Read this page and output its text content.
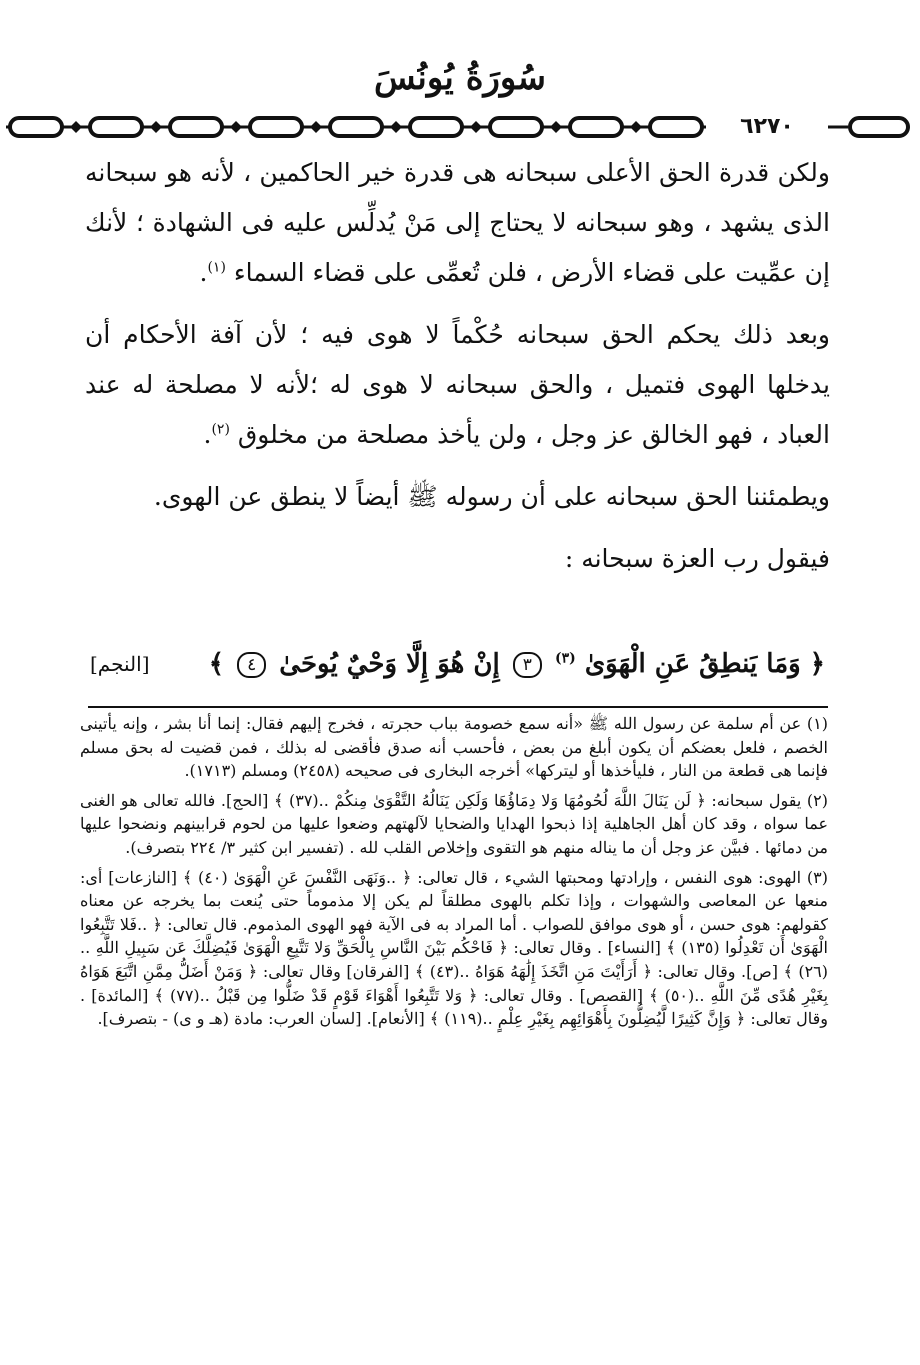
سُورَةُ يُونُسَ
٦٢٧٠

ولكن قدرة الحق الأعلى سبحانه هى قدرة خير الحاكمين ، لأنه هو سبحانه الذى يشهد ، وهو سبحانه لا يحتاج إلى مَنْ يُدلِّس عليه فى الشهادة ؛ لأنك إن عمِّيت على قضاء الأرض ، فلن تُعمِّى على قضاء السماء $^{(١)}$.

وبعد ذلك يحكم الحق سبحانه حُكْماً لا هوى فيه ؛ لأن آفة الأحكام أن يدخلها الهوى فتميل ، والحق سبحانه لا هوى له ؛لأنه لا مصلحة له عند العباد ، فهو الخالق عز وجل ، ولن يأخذ مصلحة من مخلوق $^{(٢)}$.

ويطمئننا الحق سبحانه على أن رسوله ﷺ أيضاً لا ينطق عن الهوى.

فيقول رب العزة سبحانه :

﴿ وَمَا يَنطِقُ عَنِ الْهَوَىٰ $^{(٣)}$ ٣ إِنْ هُوَ إِلَّا وَحْيٌ يُوحَىٰ ٤ ﴾
[النجم]

(١) عن أم سلمة عن رسول الله ﷺ «أنه سمع خصومة بباب حجرته ، فخرج إليهم فقال: إنما أنا بشر ، وإنه يأتينى الخصم ، فلعل بعضكم أن يكون أبلغ من بعض ، فأحسب أنه صدق فأقضى له بذلك ، فمن قضيت له بحق مسلم فإنما هى قطعة من النار ، فليأخذها أو ليتركها» أخرجه البخارى فى صحيحه (٢٤٥٨) ومسلم (١٧١٣).

(٢) يقول سبحانه: ﴿ لَن يَنَالَ اللَّهَ لُحُومُهَا وَلا دِمَاؤُهَا وَلَكِن يَنَالُهُ التَّقْوَىٰ مِنكُمْ ..(٣٧) ﴾ [الحج]. فالله تعالى هو الغنى عما سواه ، وقد كان أهل الجاهلية إذا ذبحوا الهدايا والضحايا لآلهتهم وضعوا عليها من لحوم قرابينهم ونضحوا عليها من دمائها . فبيَّن عز وجل أن ما يناله منهم هو التقوى وإخلاص القلب لله . (تفسير ابن كثير ٣/ ٢٢٤ بتصرف).

(٣) الهوى: هوى النفس ، وإرادتها ومحبتها الشيء ، قال تعالى: ﴿ ..وَنَهَى النَّفْسَ عَنِ الْهَوَىٰ (٤٠) ﴾ [النازعات] أى: منعها عن المعاصى والشهوات ، وإذا تكلم بالهوى مطلقاً لم يكن إلا مذموماً حتى يُنعت بما يخرجه عن معناه كقولهم: هوى حسن ، أو هوى موافق للصواب . أما المراد به فى الآية فهو الهوى المذموم. قال تعالى: ﴿ ..فَلا تَتَّبِعُوا الْهَوَىٰ أَن تَعْدِلُوا (١٣٥) ﴾ [النساء] . وقال تعالى: ﴿ فَاحْكُم بَيْنَ النَّاسِ بِالْحَقِّ وَلا تَتَّبِعِ الْهَوَىٰ فَيُضِلَّكَ عَن سَبِيلِ اللَّهِ ..(٢٦) ﴾ [ص]. وقال تعالى: ﴿ أَرَأَيْتَ مَنِ اتَّخَذَ إِلَٰهَهُ هَوَاهُ ..(٤٣) ﴾ [الفرقان] وقال تعالى: ﴿ وَمَنْ أَضَلُّ مِمَّنِ اتَّبَعَ هَوَاهُ بِغَيْرِ هُدًى مِّنَ اللَّهِ ..(٥٠) ﴾ [القصص] . وقال تعالى: ﴿ وَلا تَتَّبِعُوا أَهْوَاءَ قَوْمٍ قَدْ ضَلُّوا مِن قَبْلُ ..(٧٧) ﴾ [المائدة] . وقال تعالى: ﴿ وَإِنَّ كَثِيرًا لَّيُضِلُّونَ بِأَهْوَائِهِم بِغَيْرِ عِلْمٍ ..(١١٩) ﴾ [الأنعام]. [لسان العرب: مادة (هـ و ى) - بتصرف].
